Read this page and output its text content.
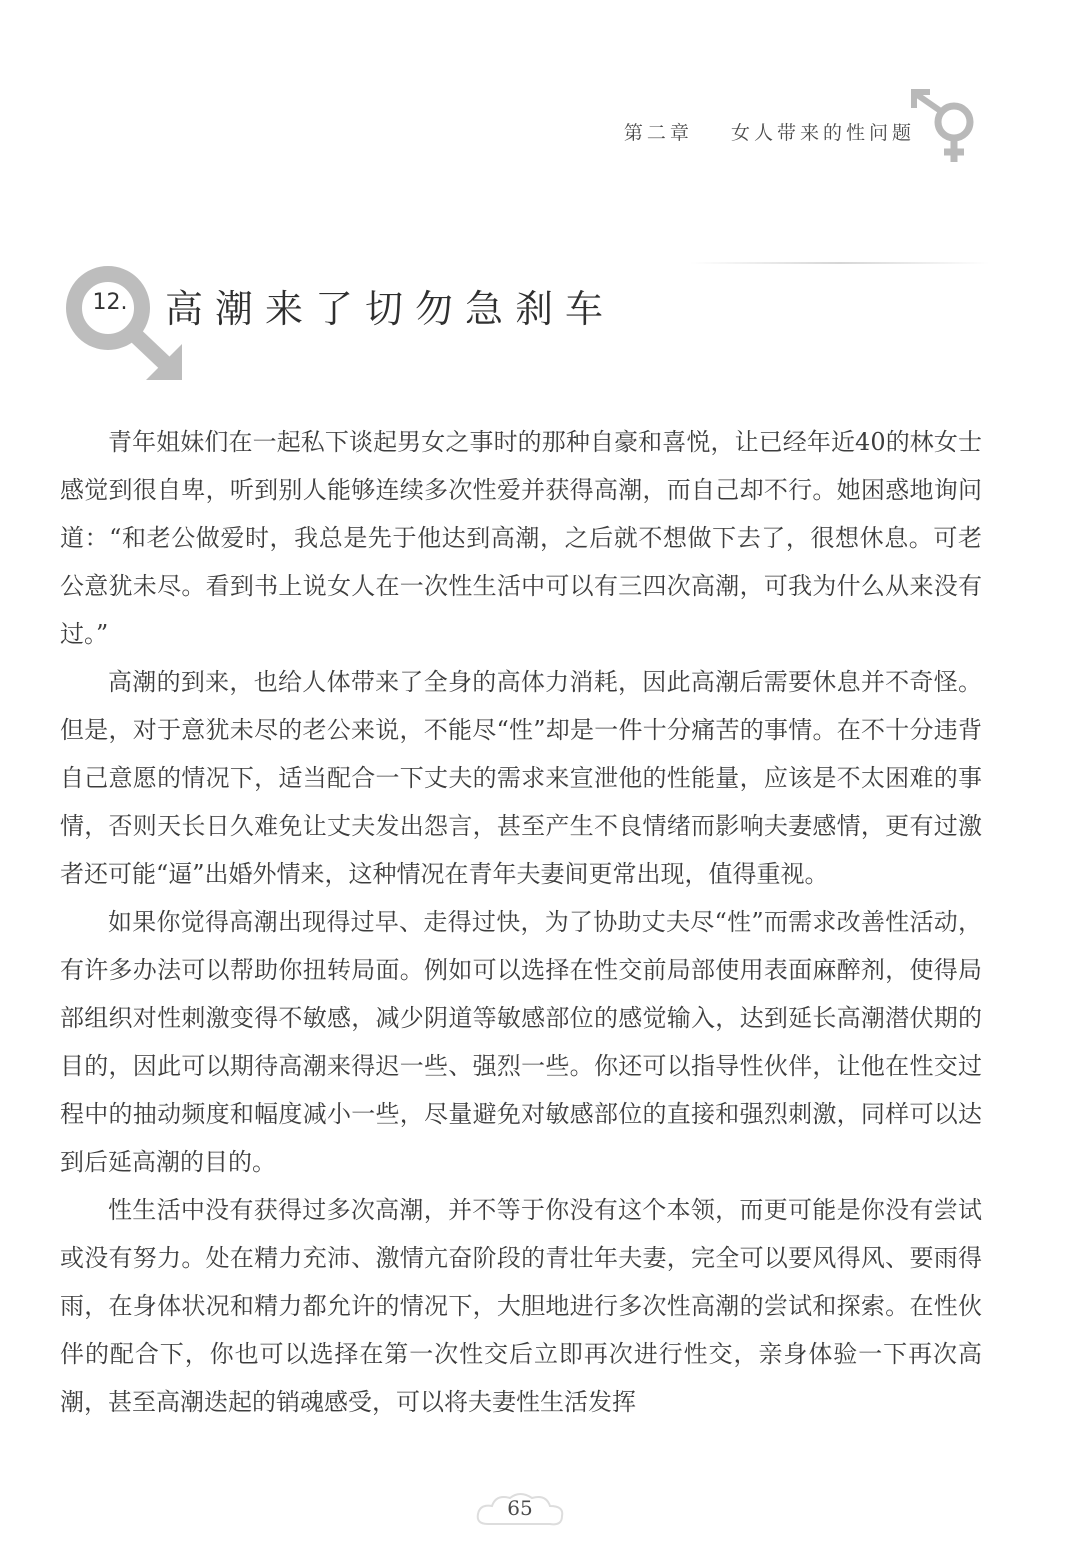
第二章 女人带来的性问题
12. 高潮来了切勿急刹车

青年姐妹们在一起私下谈起男女之事时的那种自豪和喜悦，让已经年近40的林女士感觉到很自卑，听到别人能够连续多次性爱并获得高潮，而自己却不行。她困惑地询问道：“和老公做爱时，我总是先于他达到高潮，之后就不想做下去了，很想休息。可老公意犹未尽。看到书上说女人在一次性生活中可以有三四次高潮，可我为什么从来没有过。”

高潮的到来，也给人体带来了全身的高体力消耗，因此高潮后需要休息并不奇怪。但是，对于意犹未尽的老公来说，不能尽“性”却是一件十分痛苦的事情。在不十分违背自己意愿的情况下，适当配合一下丈夫的需求来宣泄他的性能量，应该是不太困难的事情，否则天长日久难免让丈夫发出怨言，甚至产生不良情绪而影响夫妻感情，更有过激者还可能“逼”出婚外情来，这种情况在青年夫妻间更常出现，值得重视。

如果你觉得高潮出现得过早、走得过快，为了协助丈夫尽“性”而需求改善性活动，有许多办法可以帮助你扭转局面。例如可以选择在性交前局部使用表面麻醉剂，使得局部组织对性刺激变得不敏感，减少阴道等敏感部位的感觉输入，达到延长高潮潜伏期的目的，因此可以期待高潮来得迟一些、强烈一些。你还可以指导性伙伴，让他在性交过程中的抽动频度和幅度减小一些，尽量避免对敏感部位的直接和强烈刺激，同样可以达到后延高潮的目的。

性生活中没有获得过多次高潮，并不等于你没有这个本领，而更可能是你没有尝试或没有努力。处在精力充沛、激情亢奋阶段的青壮年夫妻，完全可以要风得风、要雨得雨，在身体状况和精力都允许的情况下，大胆地进行多次性高潮的尝试和探索。在性伙伴的配合下，你也可以选择在第一次性交后立即再次进行性交，亲身体验一下再次高潮，甚至高潮迭起的销魂感受，可以将夫妻性生活发挥

65
